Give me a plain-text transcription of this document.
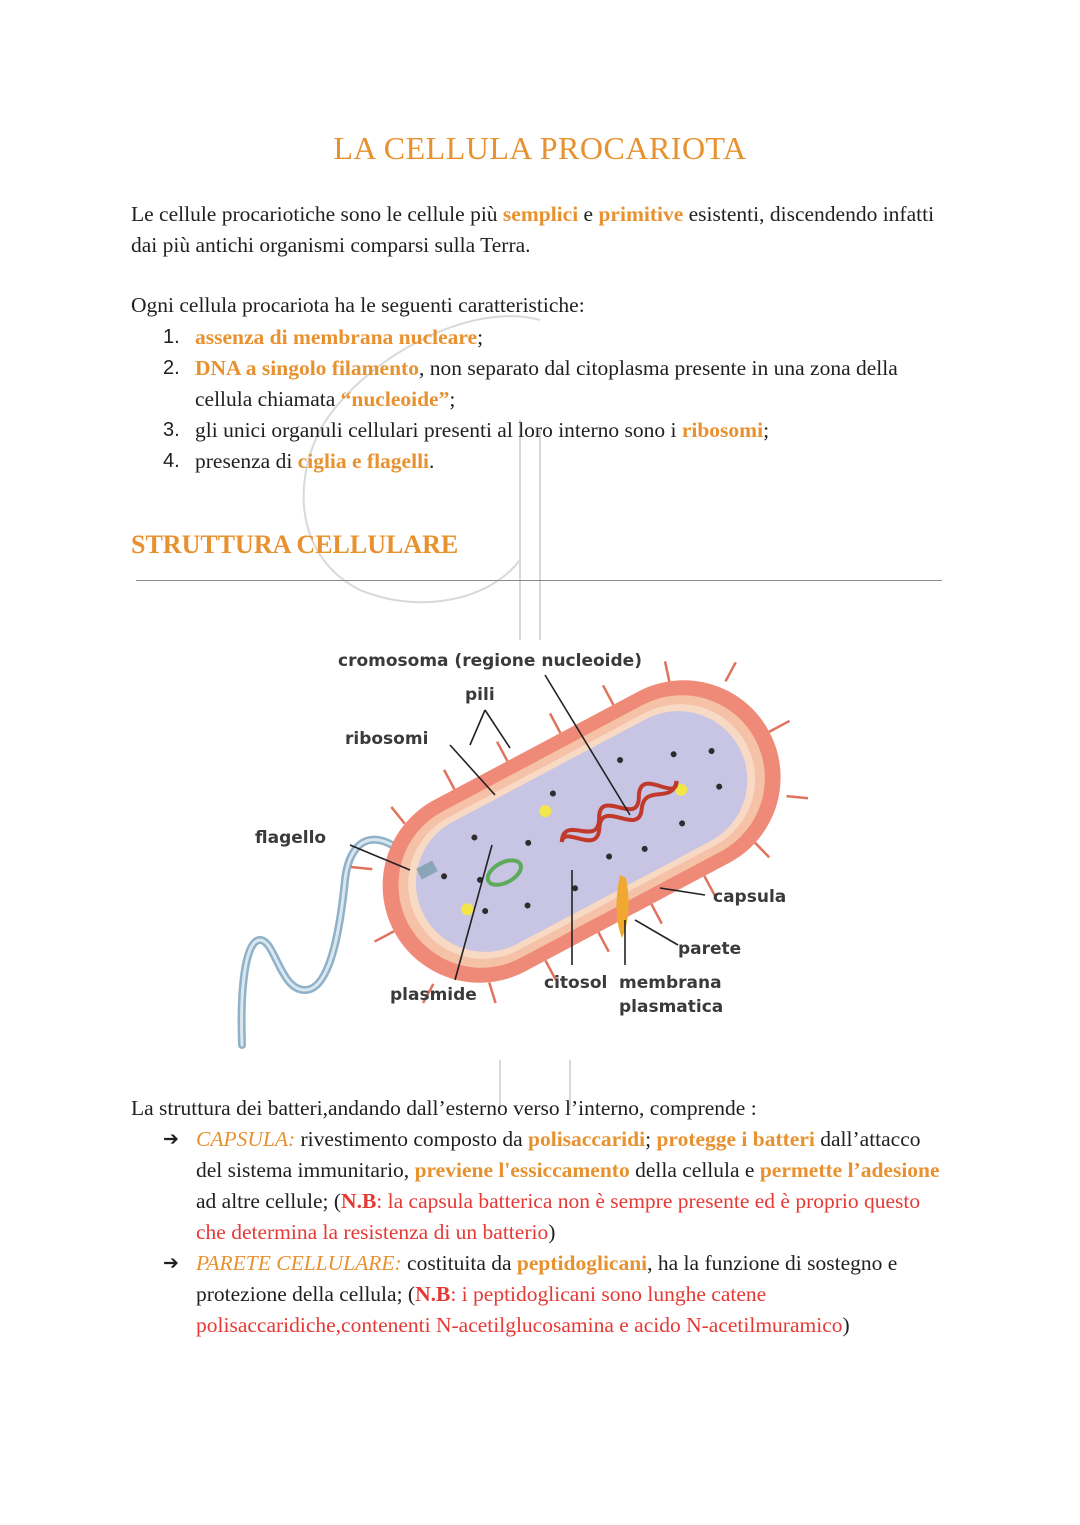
LA CELLULA PROCARIOTA

Le cellule procariotiche sono le cellule più semplici e primitive esistenti, discendendo infatti dai più antichi organismi comparsi sulla Terra.

Ogni cellula procariota ha le seguenti caratteristiche:

1. assenza di membrana nucleare;
2. DNA a singolo filamento, non separato dal citoplasma presente in una zona della cellula chiamata “nucleoide”;
3. gli unici organuli cellulari presenti al loro interno sono i ribosomi;
4. presenza di ciglia e flagelli.
STRUTTURA CELLULARE
cromosoma (regione nucleoide)
pili
ribosomi
flagello
capsula
parete
plasmide
citosol membrana
plasmatica

La struttura dei batteri,andando dall’esterno verso l’interno, comprende :

➔ CAPSULA: rivestimento composto da polisaccaridi; protegge i batteri dall’attacco del sistema immunitario, previene l'essiccamento della cellula e permette l’adesione ad altre cellule; (N.B: la capsula batterica non è sempre presente ed è proprio questo che determina la resistenza di un batterio)
➔ PARETE CELLULARE: costituita da peptidoglicani, ha la funzione di sostegno e protezione della cellula; (N.B: i peptidoglicani sono lunghe catene polisaccaridiche,contenenti N-acetilglucosamina e acido N-acetilmuramico)
